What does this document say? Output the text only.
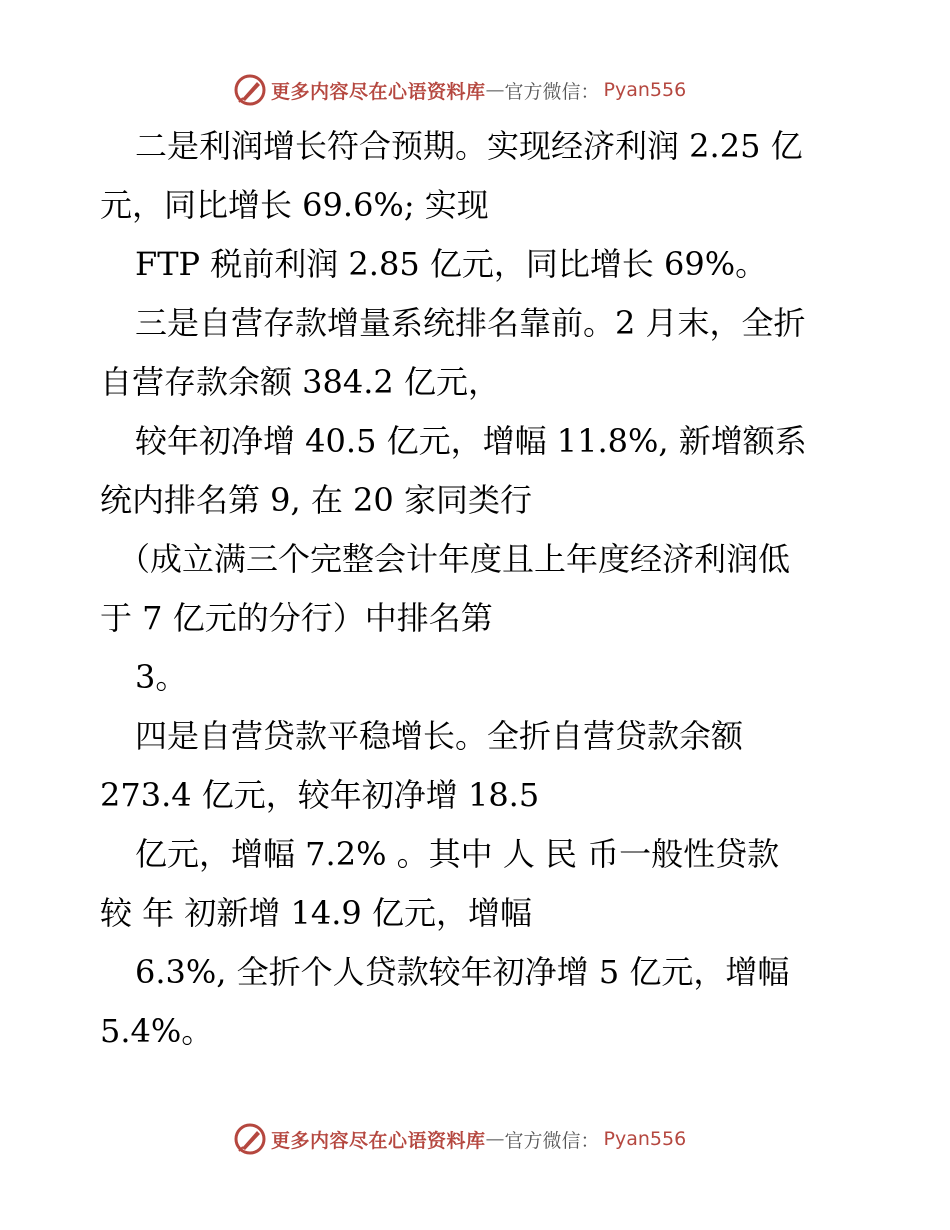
更多内容尽在心语资料库 — 官方微信： Pyan556
二是利润增长符合预期。实现经济利润 2.25 亿
元，同比增长 69.6%; 实现
FTP 税前利润 2.85 亿元，同比增长 69%。
三是自营存款增量系统排名靠前。2 月末，全折
自营存款余额 384.2 亿元，
较年初净增 40.5 亿元，增幅 11.8%, 新增额系
统内排名第 9, 在 20 家同类行
（成立满三个完整会计年度且上年度经济利润低
于 7 亿元的分行）中排名第
3。
四是自营贷款平稳增长。全折自营贷款余额
273.4 亿元，较年初净增 18.5
亿元，增幅 7.2% 。其中 人 民 币一般性贷款
较 年 初新增 14.9 亿元，增幅
6.3%, 全折个人贷款较年初净增 5 亿元，增幅
5.4%。
更多内容尽在心语资料库 — 官方微信： Pyan556
